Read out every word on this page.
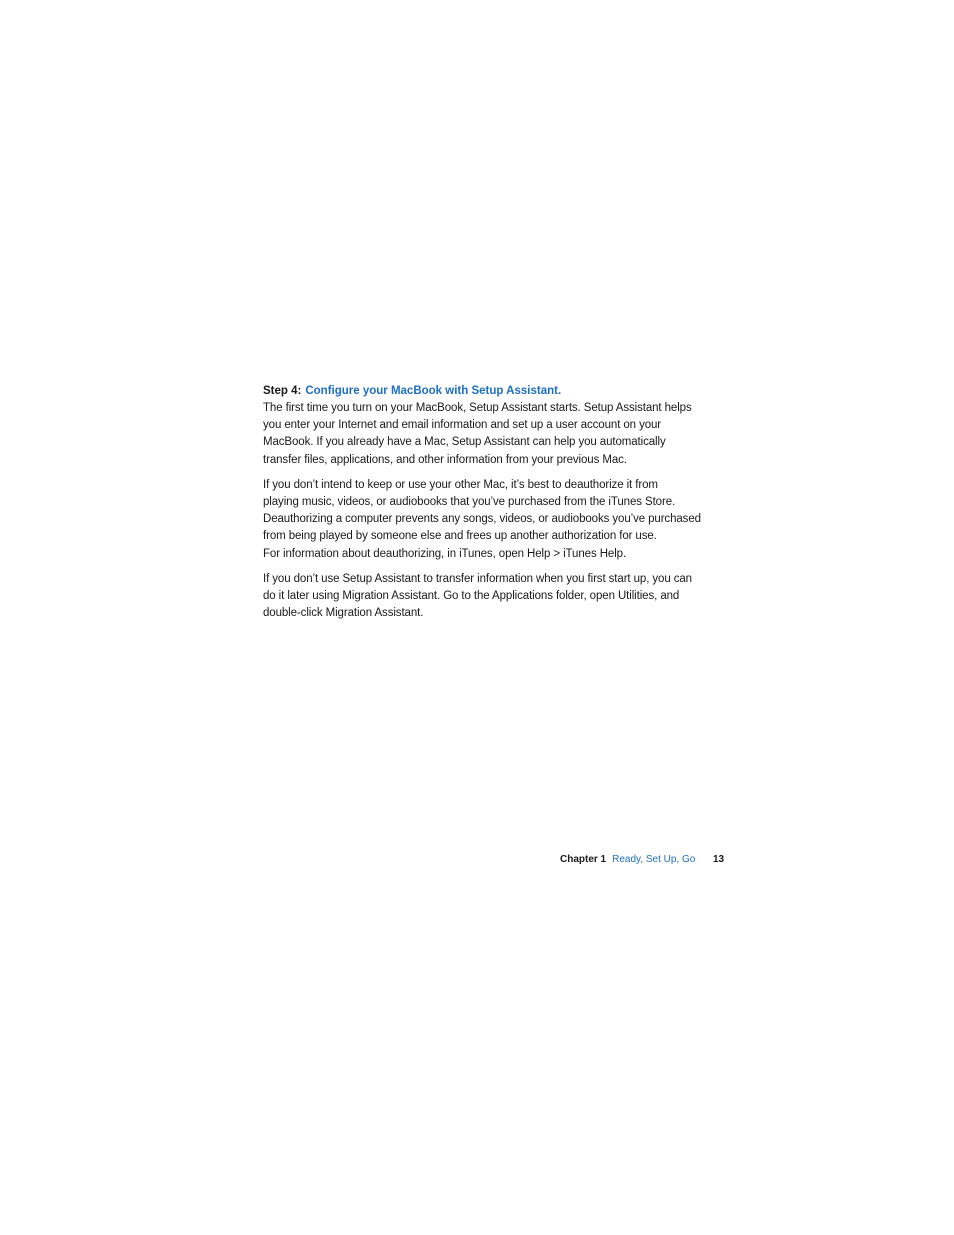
Step 4: Configure your MacBook with Setup Assistant.

The first time you turn on your MacBook, Setup Assistant starts. Setup Assistant helps
you enter your Internet and email information and set up a user account on your
MacBook. If you already have a Mac, Setup Assistant can help you automatically
transfer files, applications, and other information from your previous Mac.

If you don’t intend to keep or use your other Mac, it’s best to deauthorize it from
playing music, videos, or audiobooks that you’ve purchased from the iTunes Store.
Deauthorizing a computer prevents any songs, videos, or audiobooks you’ve purchased
from being played by someone else and frees up another authorization for use.
For information about deauthorizing, in iTunes, open Help > iTunes Help.

If you don’t use Setup Assistant to transfer information when you first start up, you can
do it later using Migration Assistant. Go to the Applications folder, open Utilities, and
double-click Migration Assistant.

Chapter 1 Ready, Set Up, Go 13
